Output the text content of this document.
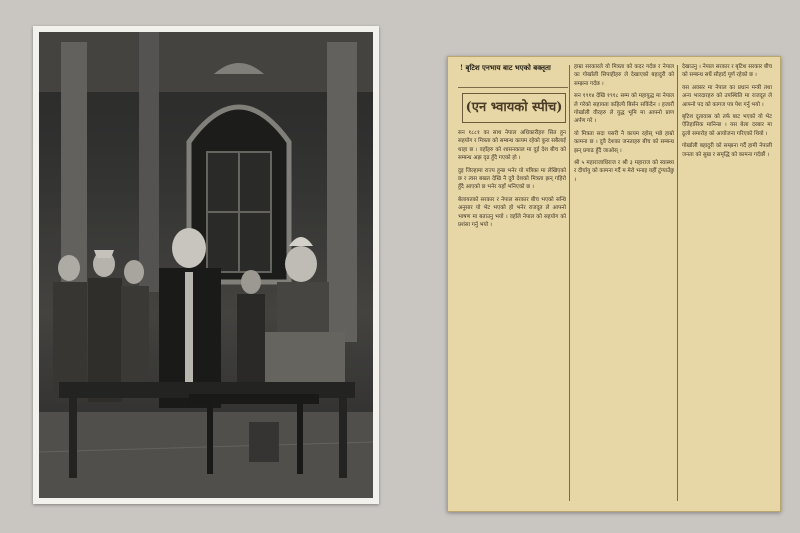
! बृटिश एनभाय बाट भएको बक्तृता
(एन भ्वायको स्पीच)

सन १८८१ का साथ नेपाल अधिकारीहरु सित हुन सहयोग र मित्रता को सम्बन्ध कायम रहेको कुरा सबैलाई थाहा छ । वहाँहरु को शासनकाल मा दुई देश बीच को सम्बन्ध अझ दृढ हुँदै गएको हो ।

दुइ जिल्हामा राज्य हुन्छ भनेर यो पत्रिका मा लेखिएको छ र त्यस बखत देखि नै दुवै देशको मित्रता झन् गहिरो हुँदै आएको छ भनेर यहाँ भनिएको छ ।

बेलायतको सरकार र नेपाल सरकार बीच भएको सन्धि अनुसार यो भेट भएको हो भनेर राजदूत ले आफ्नो भाषण मा बताउनु भयो । वहाँले नेपाल को सहयोग को प्रशंसा गर्नु भयो ।

हाम्रा सरकारले यो मित्रता को कदर गर्दछ र नेपाल का गोर्खाली सिपाहीहरु ले देखाएको बहादुरी को सम्झना गर्दछ ।

सन १९१४ देखि १९१८ सम्म को महायुद्ध मा नेपाल ले गरेको सहायता कहिल्यै बिर्सन सकिंदैन । हजारौं गोर्खाली वीरहरु ले युद्ध भूमि मा आफ्नो प्राण अर्पण गरे ।

यो मित्रता सदा यसरी नै कायम रहोस् भन्ने हाम्रो कामना छ । दुवै देशका जनताहरु बीच को सम्बन्ध झन् प्रगाढ हुँदै जाओस् ।

श्री ५ महाराजाधिराज र श्री ३ महाराज को स्वास्थ्य र दीर्घायु को कामना गर्दै म मेरो भनाइ यहीं टुंग्याउँछु ।

देखाउनु । नेपाल सरकार र बृटिश सरकार बीच को सम्बन्ध सधैं सौहार्द पूर्ण रहेको छ ।

यस अवसर मा नेपाल का प्रधान मन्त्री तथा अन्य भारदारहरु को उपस्थिति मा राजदूत ले आफ्नो पद को कागज पत्र पेश गर्नु भयो ।

बृटिश दूतावास को तर्फ बाट भएको यो भेट ऐतिहासिक मानिन्छ । यस बेला दरबार मा ठूलो समारोह को आयोजना गरिएको थियो ।

गोर्खाली बहादुरी को सम्झना गर्दै हामी नेपाली जनता को सुख र समृद्धि को कामना गर्दछौं ।
